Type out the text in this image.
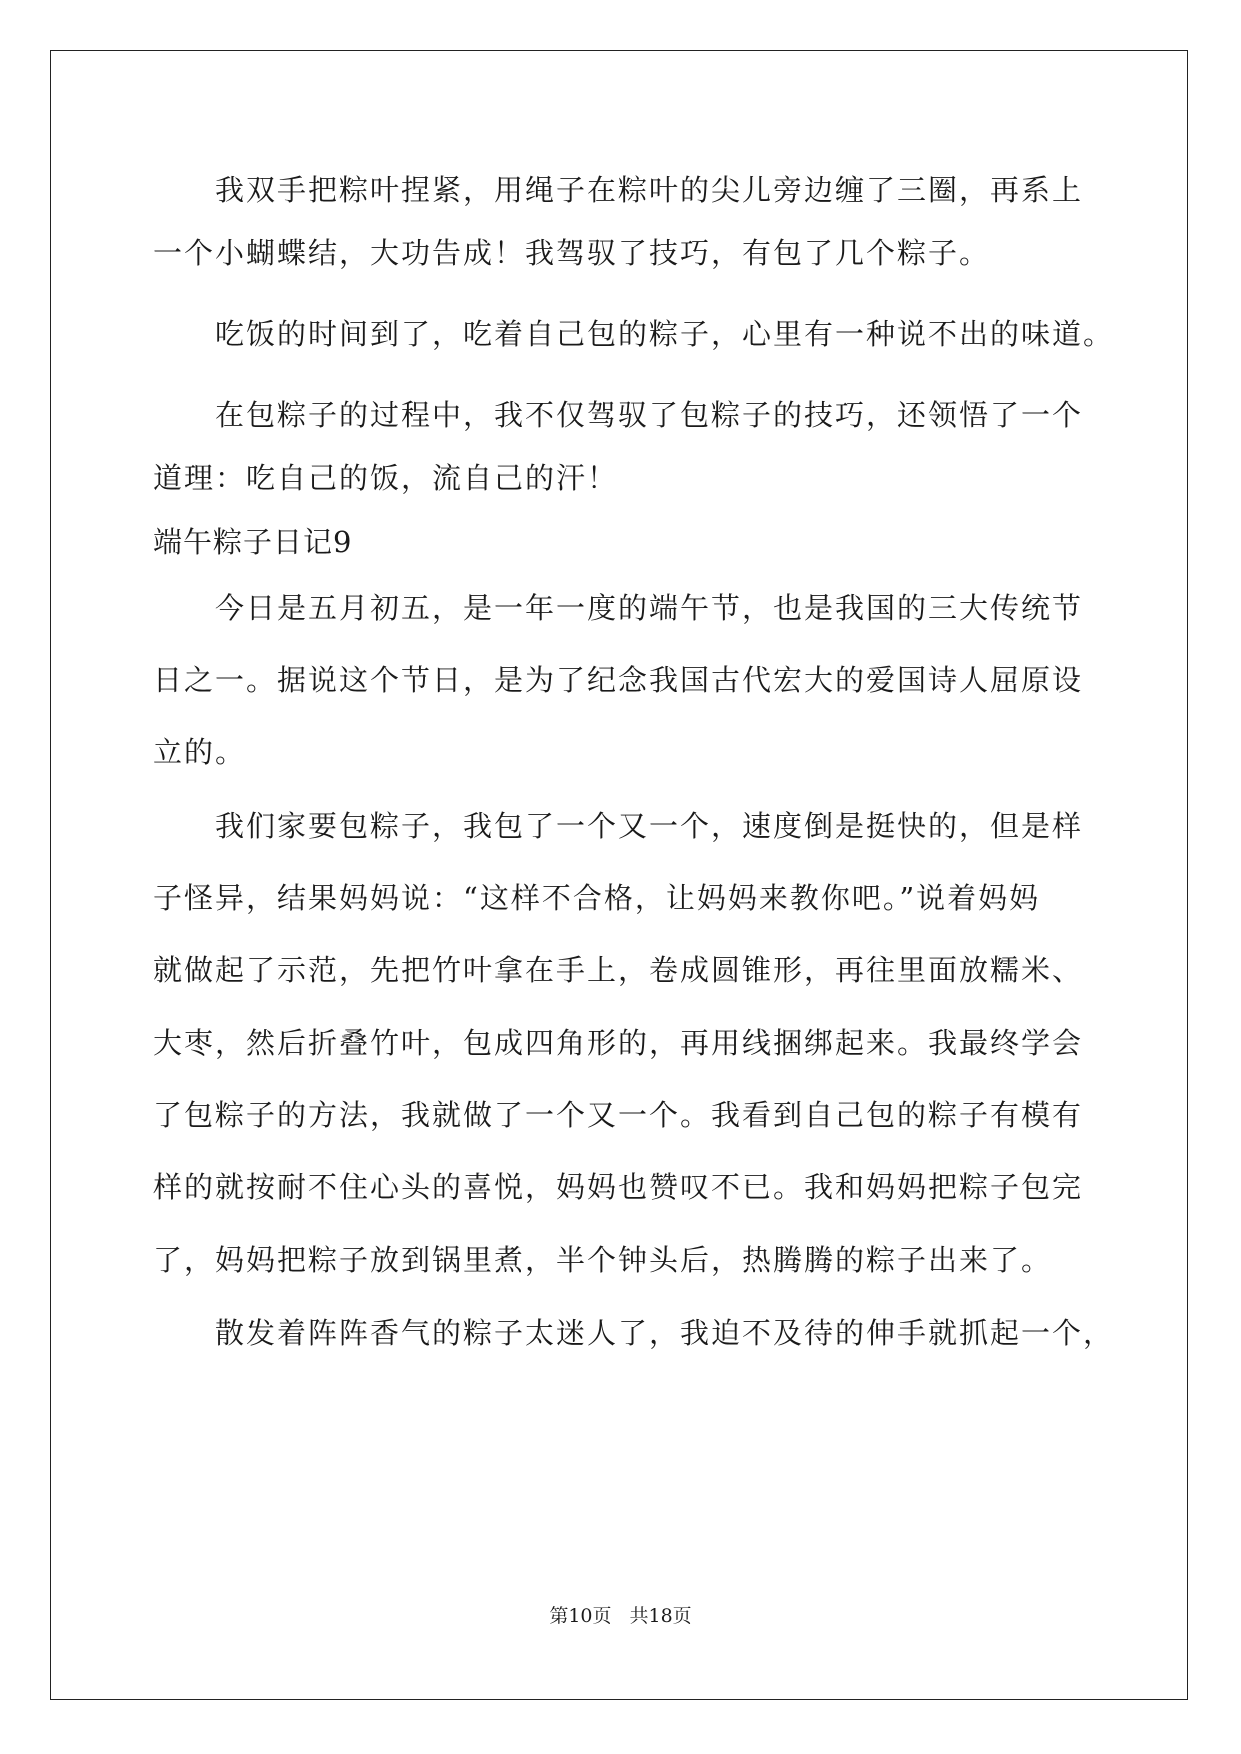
我双手把粽叶捏紧，用绳子在粽叶的尖儿旁边缠了三圈，再系上
一个小蝴蝶结，大功告成！我驾驭了技巧，有包了几个粽子。
吃饭的时间到了，吃着自己包的粽子，心里有一种说不出的味道。
在包粽子的过程中，我不仅驾驭了包粽子的技巧，还领悟了一个
道理：吃自己的饭，流自己的汗！
端午粽子日记9
今日是五月初五，是一年一度的端午节，也是我国的三大传统节
日之一。据说这个节日，是为了纪念我国古代宏大的爱国诗人屈原设
立的。
我们家要包粽子，我包了一个又一个，速度倒是挺快的，但是样
子怪异，结果妈妈说：“这样不合格，让妈妈来教你吧。”说着妈妈
就做起了示范，先把竹叶拿在手上，卷成圆锥形，再往里面放糯米、
大枣，然后折叠竹叶，包成四角形的，再用线捆绑起来。我最终学会
了包粽子的方法，我就做了一个又一个。我看到自己包的粽子有模有
样的就按耐不住心头的喜悦，妈妈也赞叹不已。我和妈妈把粽子包完
了，妈妈把粽子放到锅里煮，半个钟头后，热腾腾的粽子出来了。
散发着阵阵香气的粽子太迷人了，我迫不及待的伸手就抓起一个，
第10页 共18页
